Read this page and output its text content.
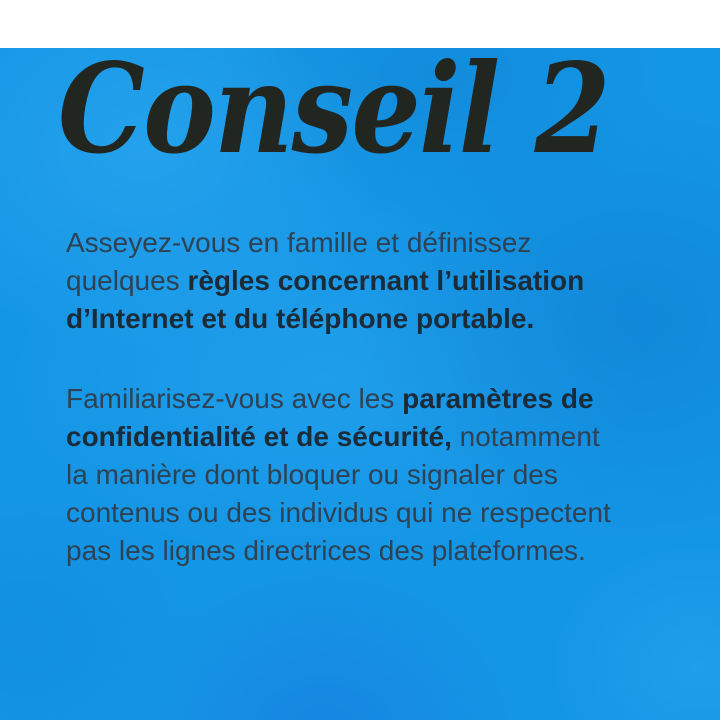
Conseil 2
Asseyez-vous en famille et définissez
quelques règles concernant l’utilisation
d’Internet et du téléphone portable.
Familiarisez-vous avec les paramètres de
confidentialité et de sécurité, notamment
la manière dont bloquer ou signaler des
contenus ou des individus qui ne respectent
pas les lignes directrices des plateformes.
